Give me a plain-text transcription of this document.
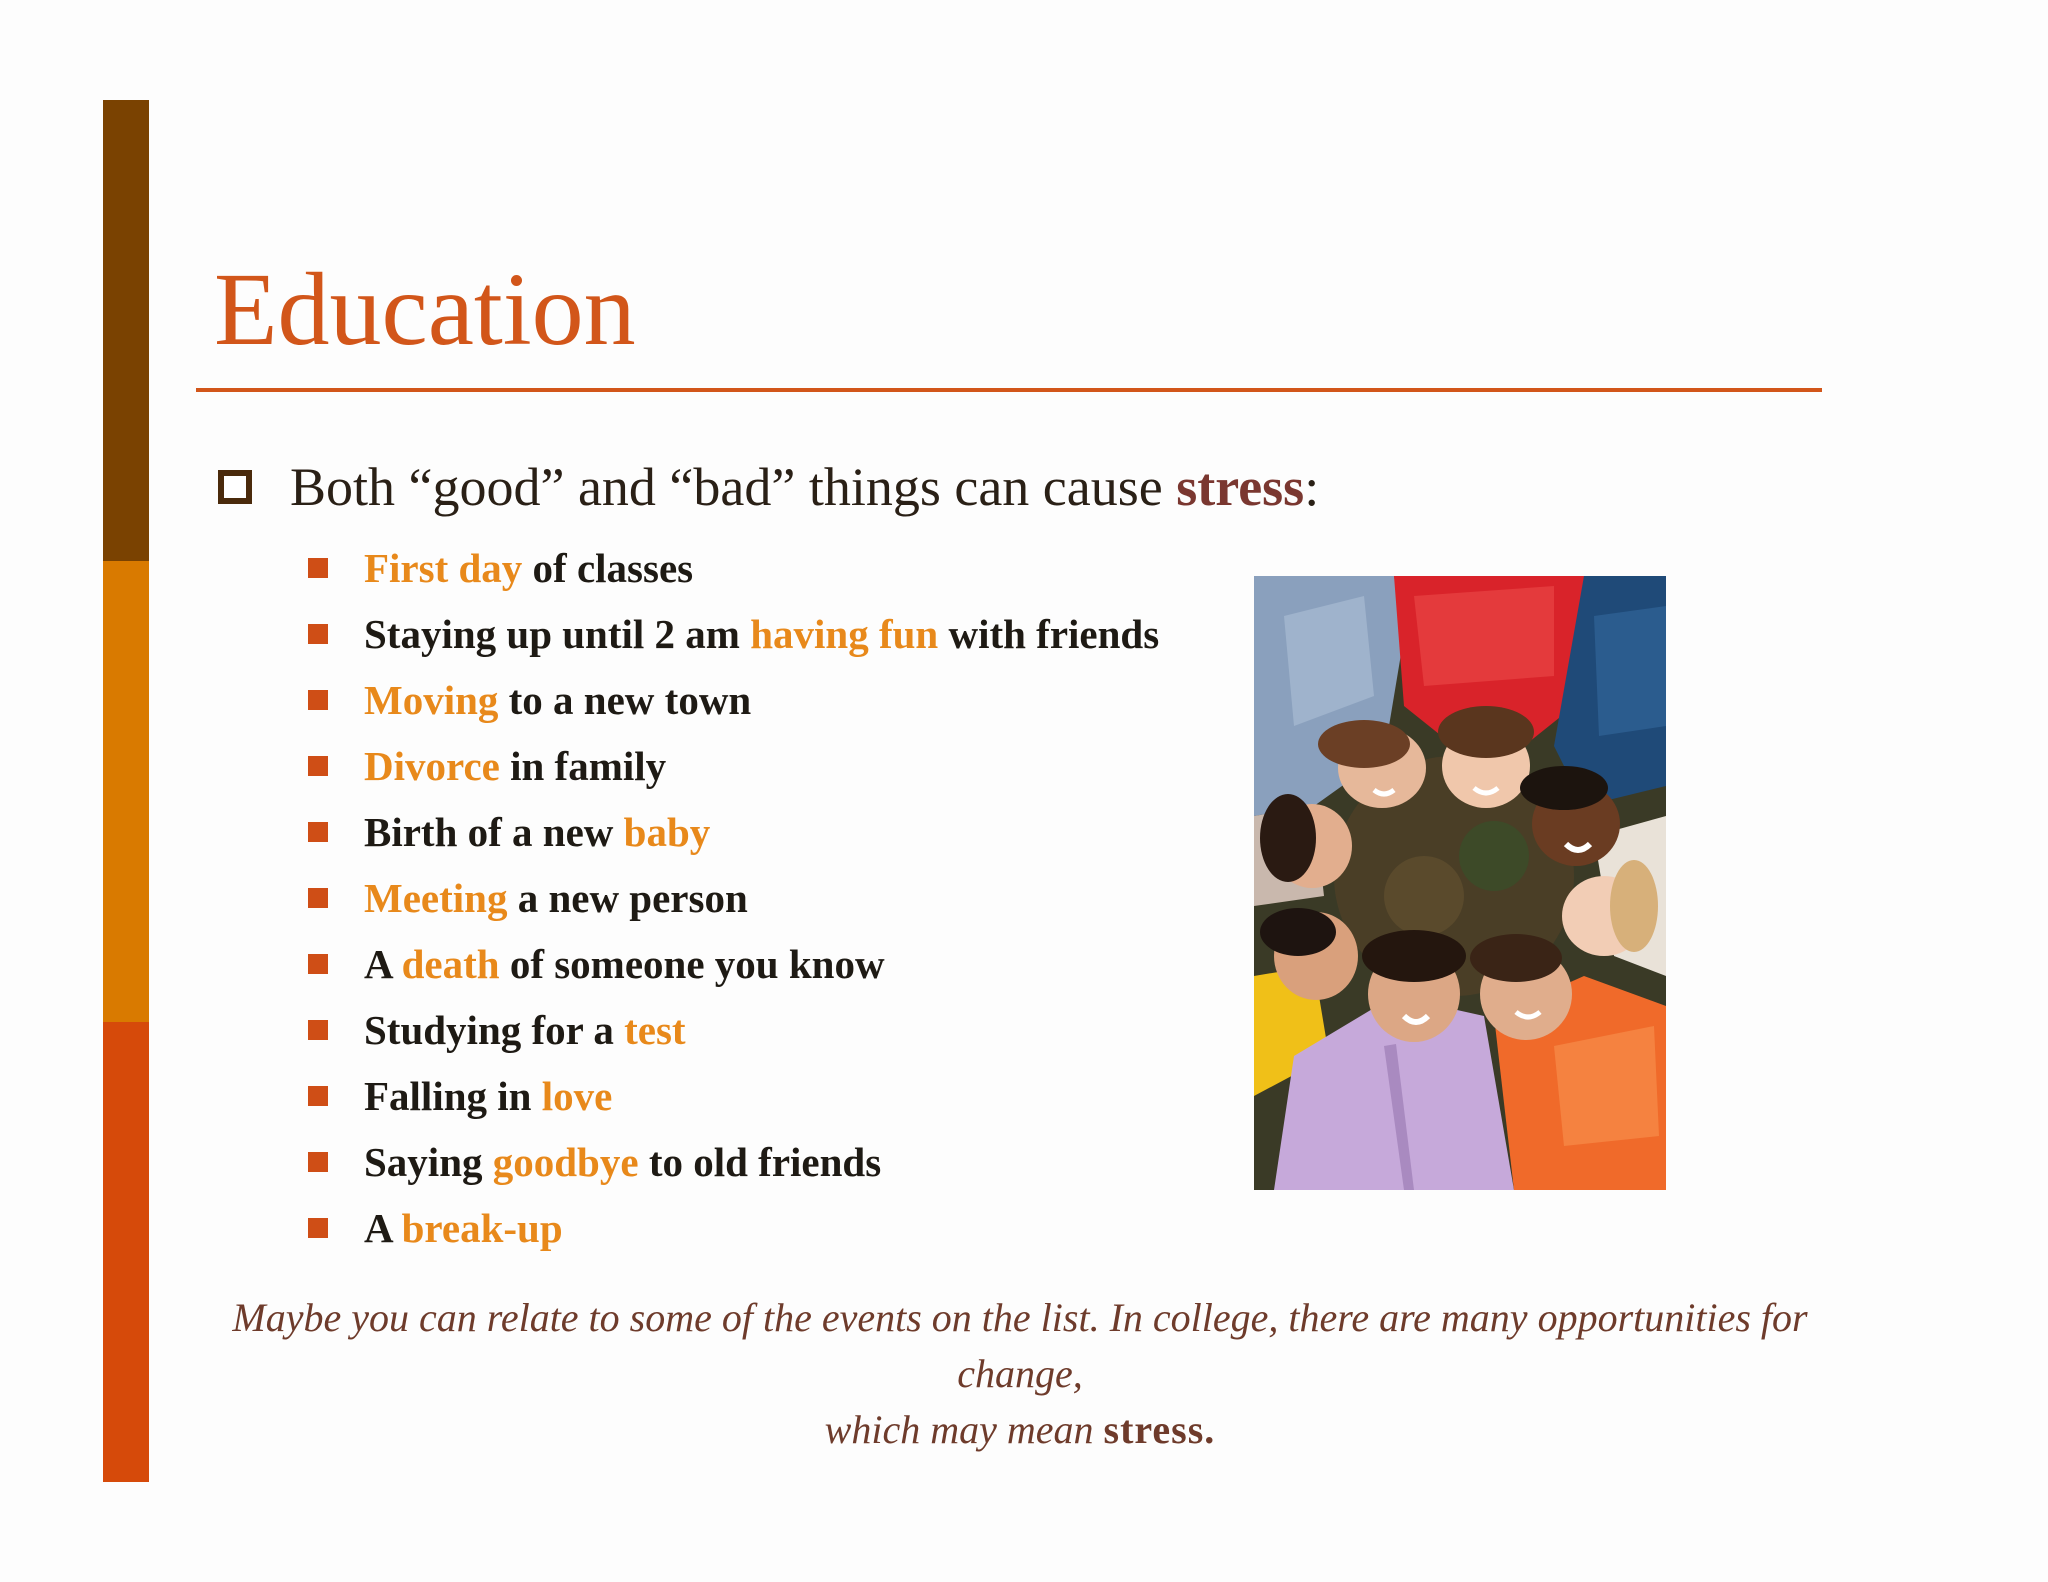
Education
Both “good” and “bad” things can cause stress:
First day of classes
Staying up until 2 am having fun with friends
Moving to a new town
Divorce in family
Birth of a new baby
Meeting a new person
A death of someone you know
Studying for a test
Falling in love
Saying goodbye to old friends
A break-up
Maybe you can relate to some of the events on the list. In college, there are many opportunities for change,
which may mean stress.
